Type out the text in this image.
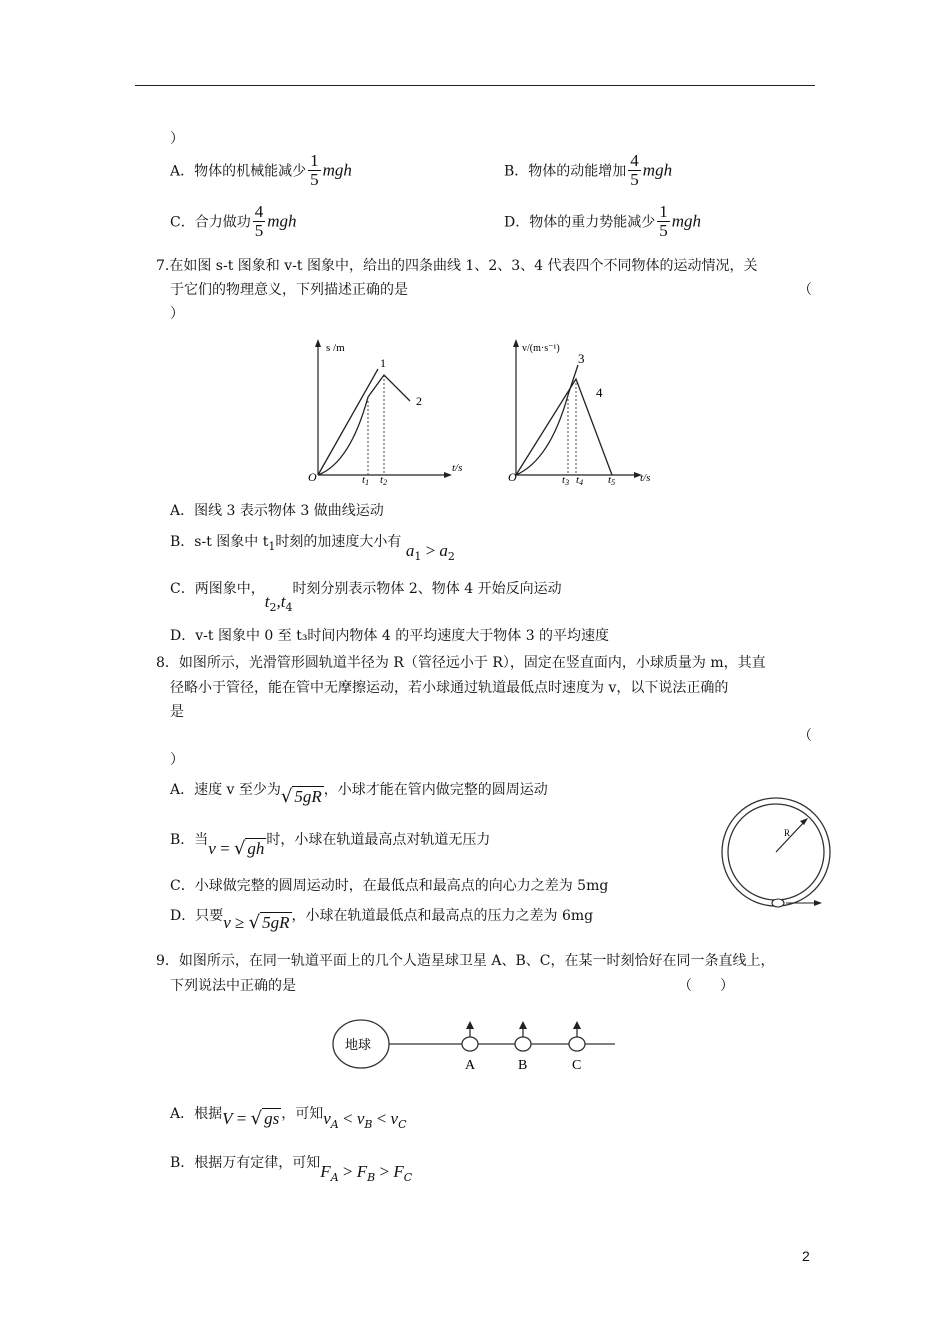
）
A．物体的机械能减少 $\frac{1}{5}$ mgh	B．物体的动能增加 $\frac{4}{5}$ mgh
C．合力做功 $\frac{4}{5}$ mgh	D．物体的重力势能减少 $\frac{1}{5}$ mgh
7.在如图 s-t 图象和 v-t 图象中，给出的四条曲线 1、2、3、4 代表四个不同物体的运动情况，关
于它们的物理意义，下列描述正确的是	（
）
s /m
t/s
O
1
2
t1 t2
v/(m·s⁻¹)
t/s
O
3
4
t3 t4 t5
A．图线 3 表示物体 3 做曲线运动
B．s-t 图象中 $t_1$时刻的加速度大小有 $a_1 > a_2$
C．两图象中，$t_2,t_4$时刻分别表示物体 2、物体 4 开始反向运动
D．v-t 图象中 0 至 t₃时间内物体 4 的平均速度大于物体 3 的平均速度
8．如图所示，光滑管形圆轨道半径为 R（管径远小于 R），固定在竖直面内，小球质量为 m，其直
径略小于管径，能在管中无摩擦运动，若小球通过轨道最低点时速度为 v，以下说法正确的
是
（
）
A．速度 v 至少为√ 5gR ，小球才能在管内做完整的圆周运动
B．当v = √ gh 时，小球在轨道最高点对轨道无压力
C．小球做完整的圆周运动时，在最低点和最高点的向心力之差为 5mg
D．只要v ≥ √ 5gR ，小球在轨道最低点和最高点的压力之差为 6mg
R
9．如图所示，在同一轨道平面上的几个人造星球卫星 A、B、C，在某一时刻恰好在同一条直线上，
下列说法中正确的是	（　　）
地球
A	B	C
A．根据V = √ gs ，可知$v_A < v_B < v_C$
B．根据万有定律，可知$F_A > F_B > F_C$
2
